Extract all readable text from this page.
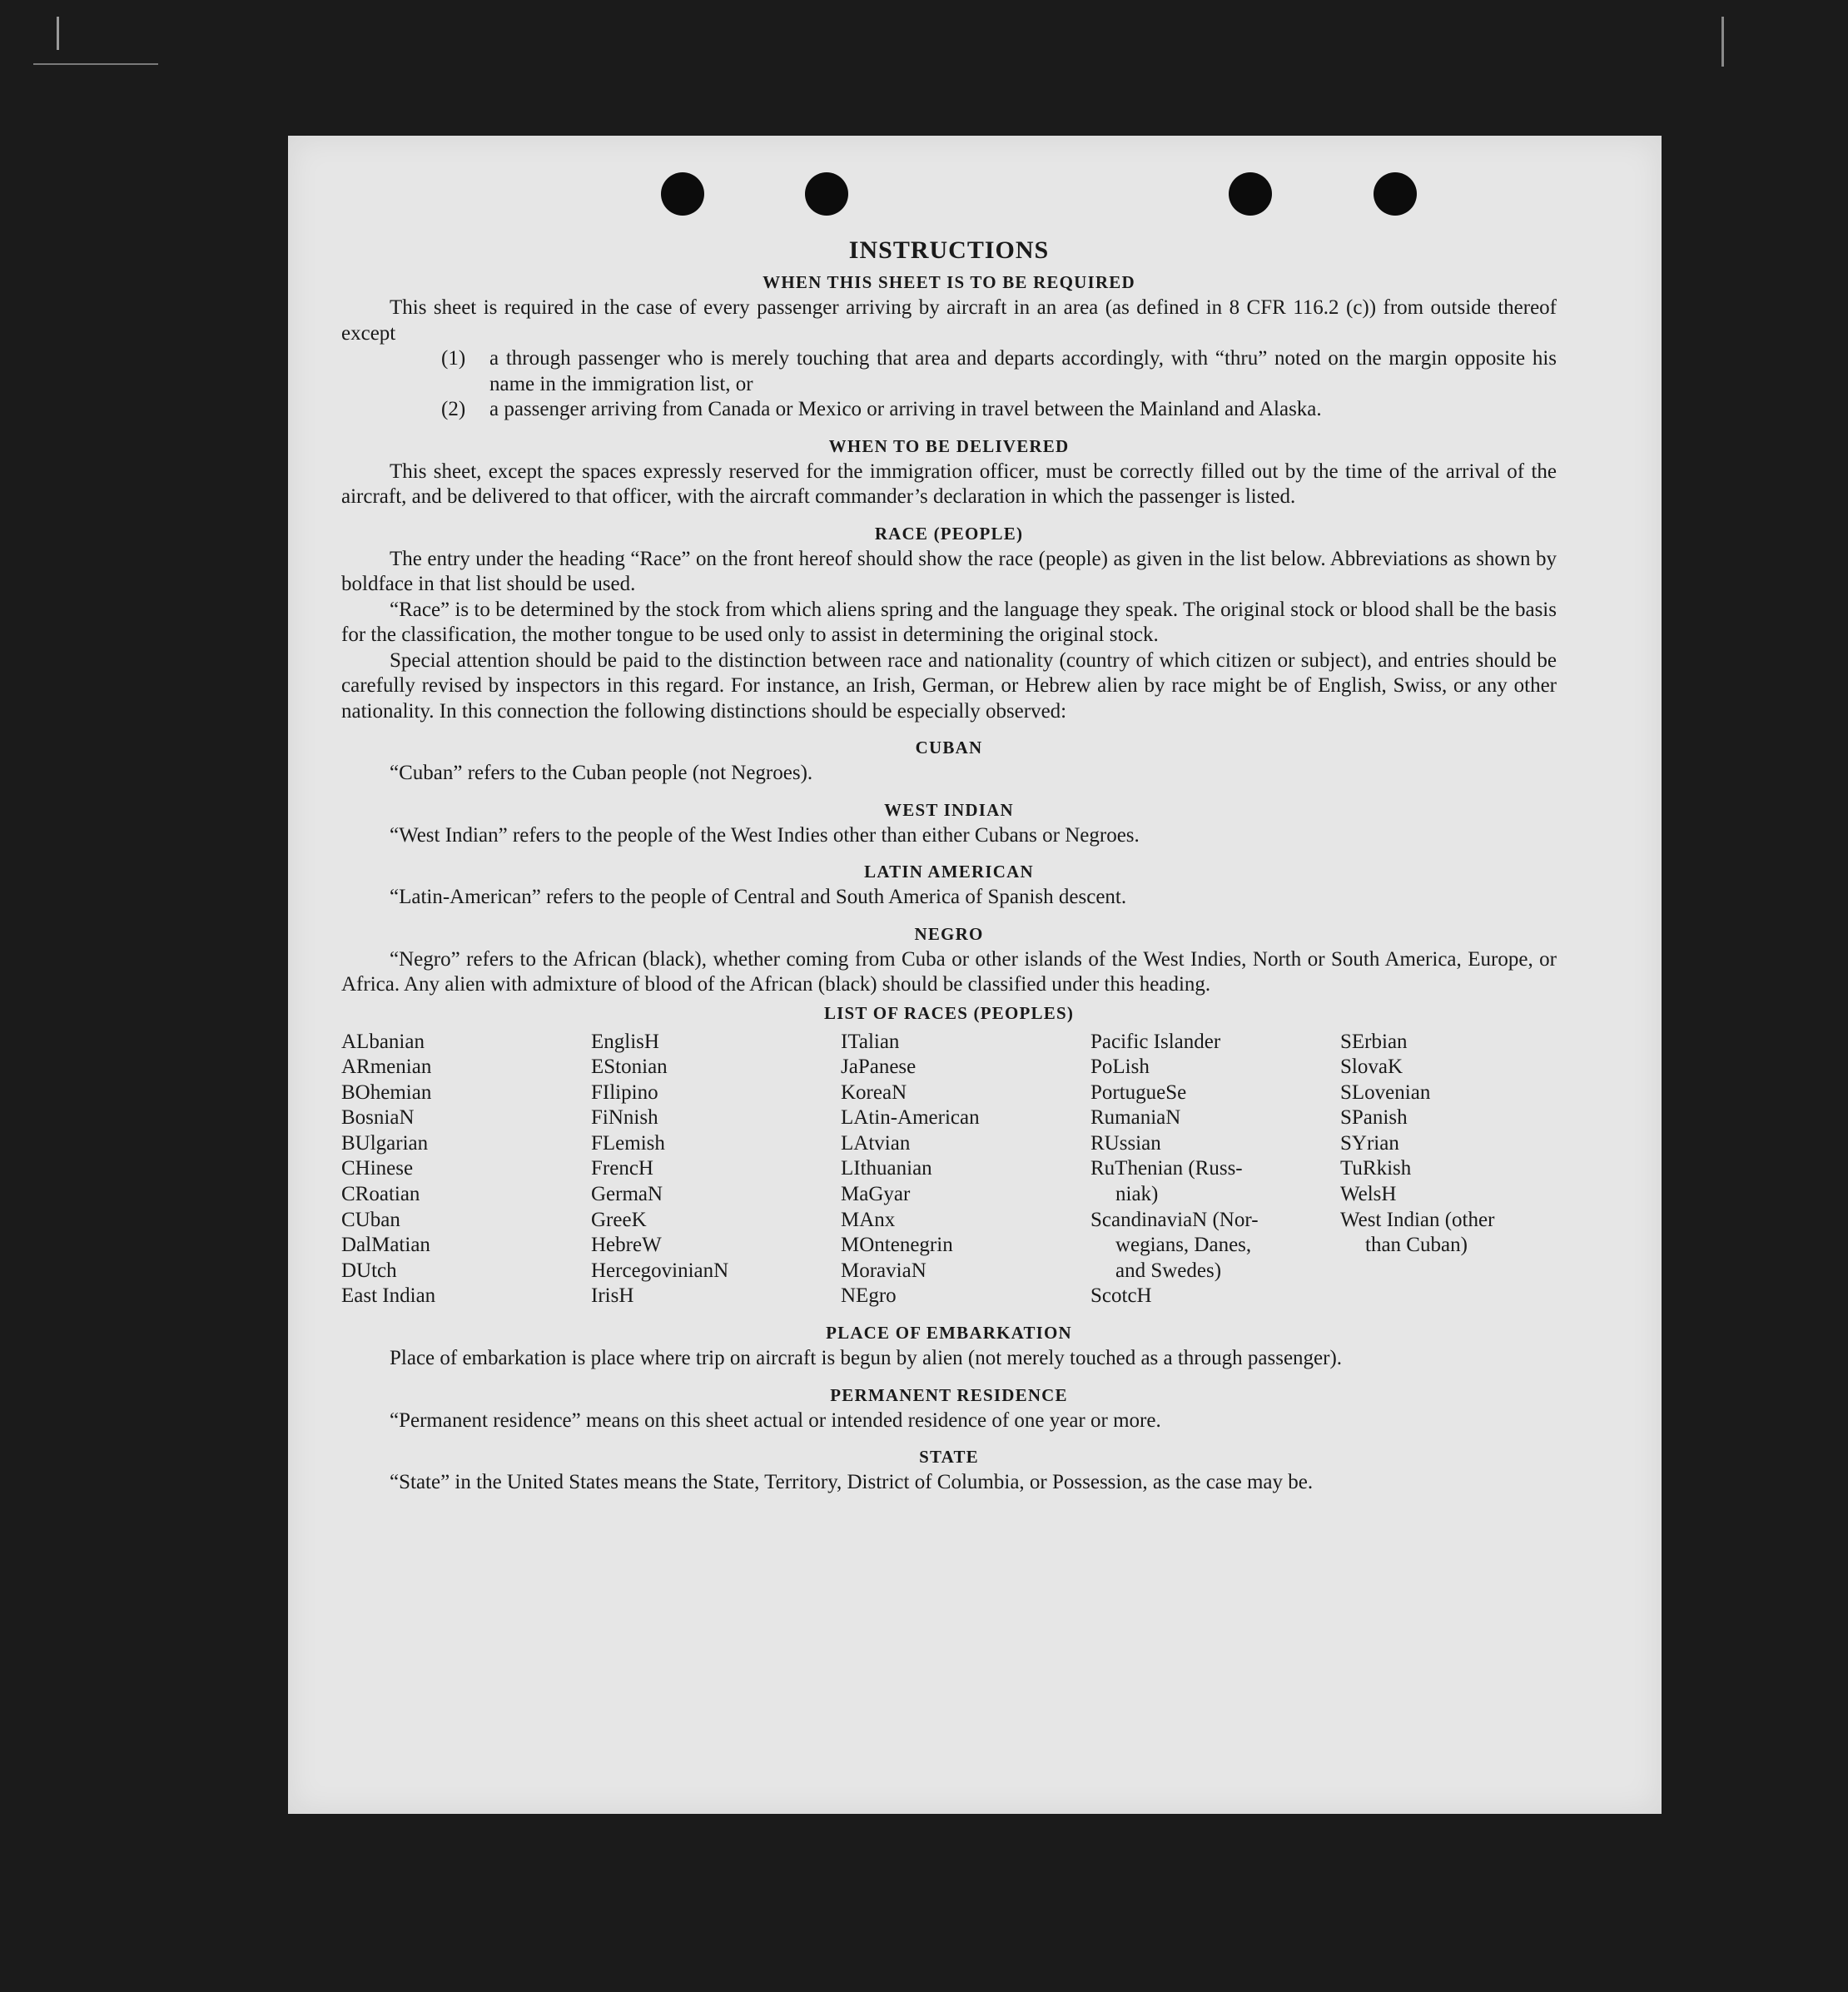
INSTRUCTIONS
WHEN THIS SHEET IS TO BE REQUIRED

This sheet is required in the case of every passenger arriving by aircraft in an area (as defined in 8 CFR 116.2 (c)) from outside thereof except

(1)	a through passenger who is merely touching that area and departs accordingly, with “thru” noted on the margin opposite his name in the immigration list, or
(2)	a passenger arriving from Canada or Mexico or arriving in travel between the Mainland and Alaska.
WHEN TO BE DELIVERED

This sheet, except the spaces expressly reserved for the immigration officer, must be correctly filled out by the time of the arrival of the aircraft, and be delivered to that officer, with the aircraft commander’s declaration in which the passenger is listed.

RACE (PEOPLE)

The entry under the heading “Race” on the front hereof should show the race (people) as given in the list below. Abbreviations as shown by boldface in that list should be used.

“Race” is to be determined by the stock from which aliens spring and the language they speak. The original stock or blood shall be the basis for the classification, the mother tongue to be used only to assist in determining the original stock.

Special attention should be paid to the distinction between race and nationality (country of which citizen or subject), and entries should be carefully revised by inspectors in this regard. For instance, an Irish, German, or Hebrew alien by race might be of English, Swiss, or any other nationality. In this connection the following distinctions should be especially observed:

CUBAN

“Cuban” refers to the Cuban people (not Negroes).

WEST INDIAN

“West Indian” refers to the people of the West Indies other than either Cubans or Negroes.

LATIN AMERICAN

“Latin-American” refers to the people of Central and South America of Spanish descent.

NEGRO

“Negro” refers to the African (black), whether coming from Cuba or other islands of the West Indies, North or South America, Europe, or Africa. Any alien with admixture of blood of the African (black) should be classified under this heading.

LIST OF RACES (PEOPLES)
ALbanian
ARmenian
BOhemian
BosniaN
BUlgarian
CHinese
CRoatian
CUban
DalMatian
DUtch
East Indian
EnglisH
EStonian
FIlipino
FiNnish
FLemish
FrencH
GermaN
GreeK
HebreW
HercegovinianN
IrisH
ITalian
JaPanese
KoreaN
LAtin-American
LAtvian
LIthuanian
MaGyar
MAnx
MOntenegrin
MoraviaN
NEgro
Pacific Islander
PoLish
PortugueSe
RumaniaN
RUssian
RuThenian (Russ-
niak)
ScandinaviaN (Nor-
wegians, Danes,
and Swedes)
ScotcH
SErbian
SlovaK
SLovenian
SPanish
SYrian
TuRkish
WelsH
West Indian (other
than Cuban)
PLACE OF EMBARKATION

Place of embarkation is place where trip on aircraft is begun by alien (not merely touched as a through passenger).

PERMANENT RESIDENCE

“Permanent residence” means on this sheet actual or intended residence of one year or more.

STATE

“State” in the United States means the State, Territory, District of Columbia, or Possession, as the case may be.
